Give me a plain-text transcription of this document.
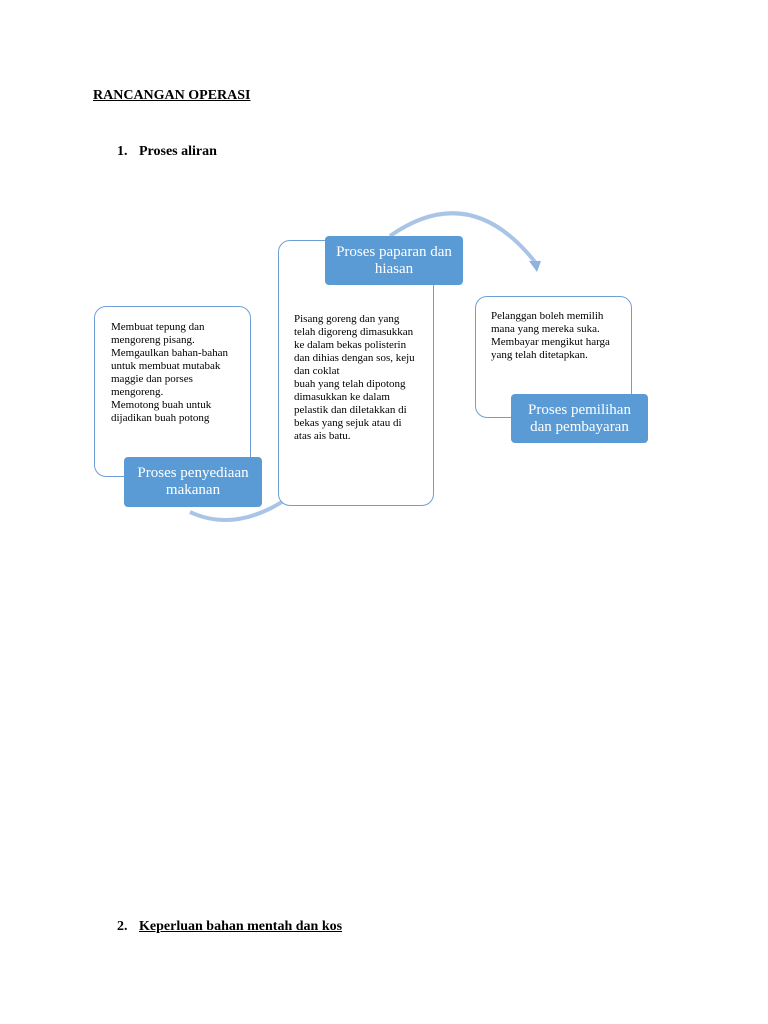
RANCANGAN OPERASI
1. Proses aliran
Membuat tepung dan mengoreng pisang.
Memgaulkan bahan-bahan untuk membuat mutabak maggie dan porses mengoreng.
Memotong buah untuk dijadikan buah potong
Pisang goreng dan yang telah digoreng dimasukkan ke dalam bekas polisterin dan dihias dengan sos, keju dan coklat
buah yang telah dipotong dimasukkan ke dalam pelastik dan diletakkan di bekas yang sejuk atau di atas ais batu.
Pelanggan boleh memilih mana yang mereka suka.
Membayar mengikut harga yang telah ditetapkan.
Proses penyediaan makanan
Proses paparan dan hiasan
Proses pemilihan dan pembayaran
2. Keperluan bahan mentah dan kos
